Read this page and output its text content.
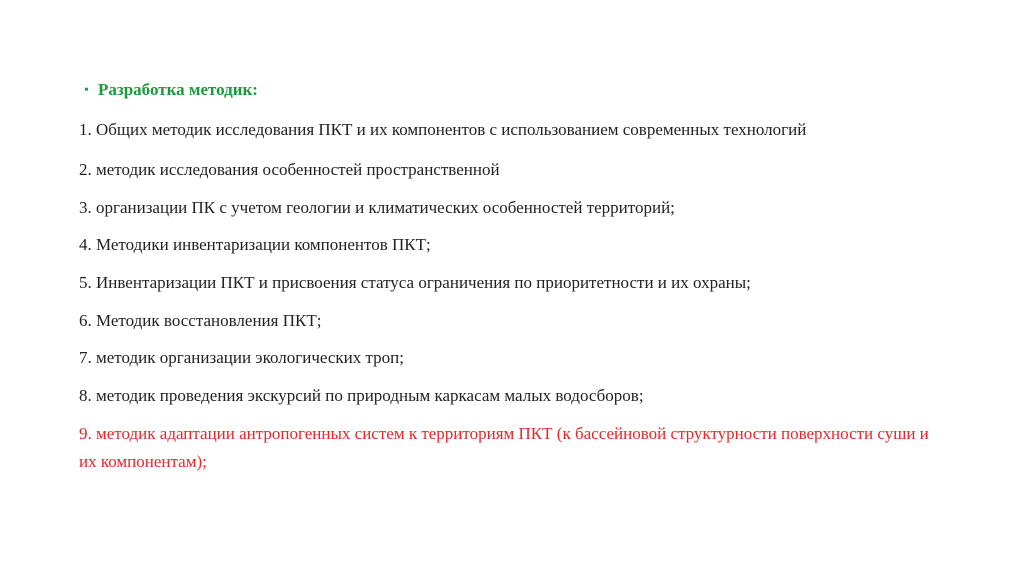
• Разработка методик:
1. Общих методик исследования ПКТ и их компонентов с использованием современных технологий
2. методик исследования особенностей пространственной
3. организации ПК с учетом геологии и климатических особенностей территорий;
4. Методики инвентаризации компонентов ПКТ;
5. Инвентаризации ПКТ и присвоения статуса ограничения по приоритетности и их охраны;
6. Методик восстановления ПКТ;
7. методик организации экологических троп;
8. методик проведения экскурсий по природным каркасам малых водосборов;
9. методик адаптации антропогенных систем к территориям ПКТ (к бассейновой структурности поверхности суши и их компонентам);
